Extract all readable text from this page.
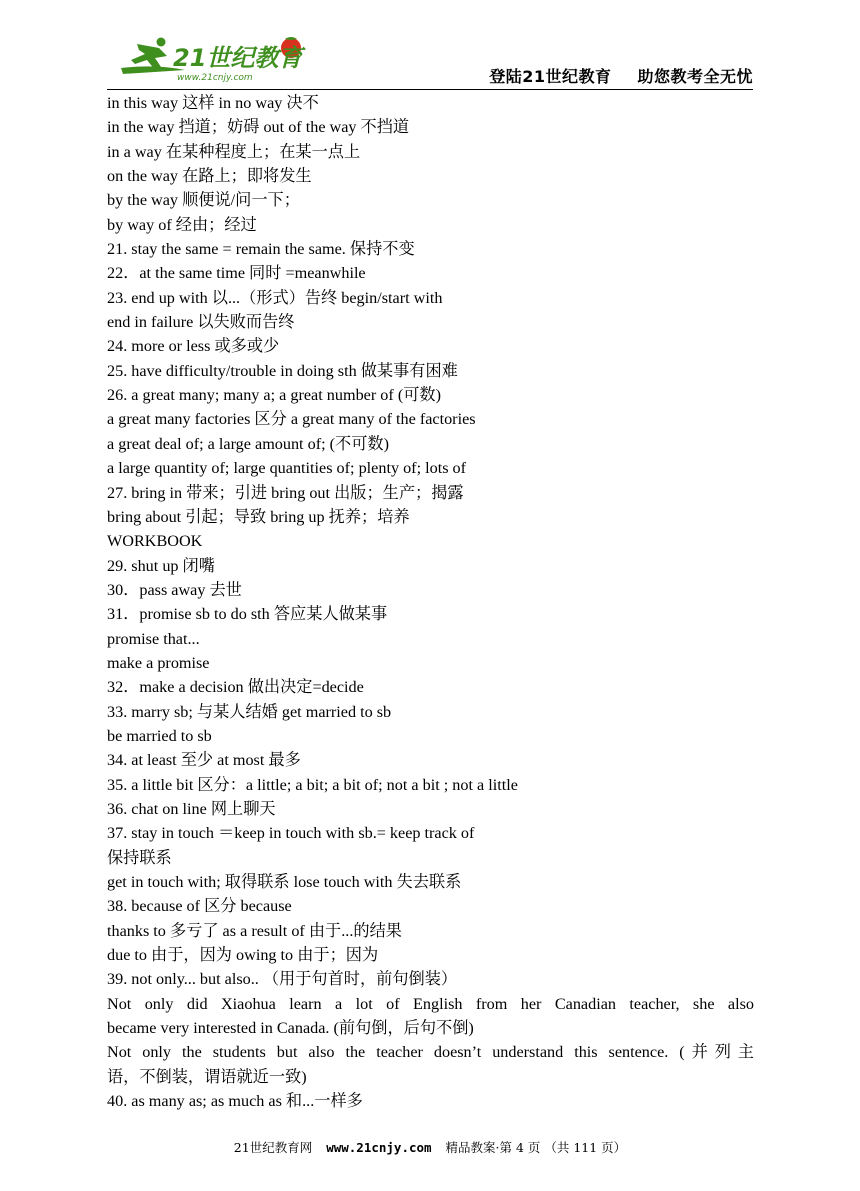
21世纪教育
www.21cnjy.com	登陆21世纪教育 助您教考全无忧
in this way 这样 in no way 决不
in the way 挡道；妨碍 out of the way 不挡道
in a way 在某种程度上；在某一点上
on the way 在路上；即将发生
by the way 顺便说/问一下；
by way of 经由；经过
21. stay the same = remain the same. 保持不变
22．at the same time 同时 =meanwhile
23. end up with 以...（形式）告终 begin/start with
end in failure 以失败而告终
24. more or less 或多或少
25. have difficulty/trouble in doing sth 做某事有困难
26. a great many; many a; a great number of (可数)
a great many factories 区分 a great many of the factories
a great deal of; a large amount of; (不可数)
a large quantity of; large quantities of; plenty of; lots of
27. bring in 带来；引进 bring out 出版；生产；揭露
bring about 引起；导致 bring up 抚养；培养
WORKBOOK
29. shut up 闭嘴
30．pass away 去世
31．promise sb to do sth 答应某人做某事
promise that...
make a promise
32．make a decision 做出决定=decide
33. marry sb; 与某人结婚 get married to sb
be married to sb
34. at least 至少 at most 最多
35. a little bit 区分：a little; a bit; a bit of; not a bit ; not a little
36. chat on line 网上聊天
37. stay in touch ＝keep in touch with sb.= keep track of
保持联系
get in touch with; 取得联系 lose touch with 失去联系
38. because of 区分 because
thanks to 多亏了 as a result of 由于...的结果
due to 由于，因为 owing to 由于；因为
39. not only... but also.. （用于句首时，前句倒装）
Not only did Xiaohua learn a lot of English from her Canadian teacher, she also
became very interested in Canada. (前句倒，后句不倒)
Not only the students but also the teacher doesn’t understand this sentence. (并列主
语，不倒装，谓语就近一致)
40. as many as; as much as 和...一样多
21世纪教育网 www.21cnjy.com 精品教案·第 4 页 （共 111 页）
